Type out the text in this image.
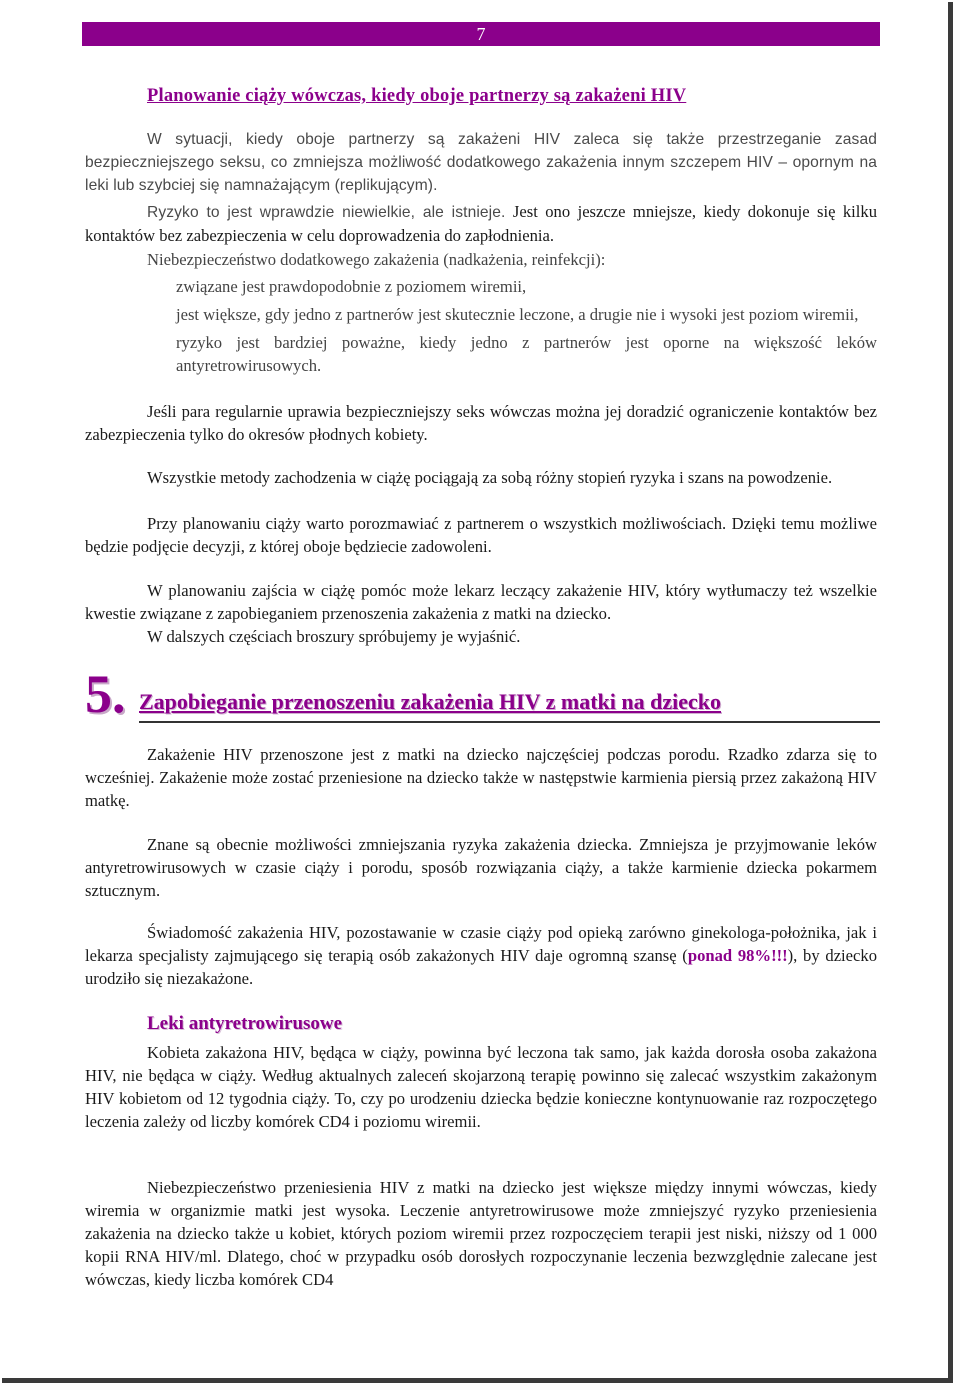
7
Planowanie ciąży wówczas, kiedy oboje partnerzy są zakażeni HIV

W sytuacji, kiedy oboje partnerzy są zakażeni HIV zaleca się także przestrzeganie zasad bezpieczniejszego seksu, co zmniejsza możliwość dodatkowego zakażenia innym szczepem HIV – opornym na leki lub szybciej się namnażającym (replikującym).

Ryzyko to jest wprawdzie niewielkie, ale istnieje. Jest ono jeszcze mniejsze, kiedy dokonuje się kilku kontaktów bez zabezpieczenia w celu doprowadzenia do zapłodnienia.

Niebezpieczeństwo dodatkowego zakażenia (nadkażenia, reinfekcji):

związane jest prawdopodobnie z poziomem wiremii,
jest większe, gdy jedno z partnerów jest skutecznie leczone, a drugie nie i wysoki jest poziom wiremii,
ryzyko jest bardziej poważne, kiedy jedno z partnerów jest oporne na większość leków antyretrowirusowych.

Jeśli para regularnie uprawia bezpieczniejszy seks wówczas można jej doradzić ograniczenie kontaktów bez zabezpieczenia tylko do okresów płodnych kobiety.

Wszystkie metody zachodzenia w ciążę pociągają za sobą różny stopień ryzyka i szans na powodzenie.

Przy planowaniu ciąży warto porozmawiać z partnerem o wszystkich możliwościach. Dzięki temu możliwe będzie podjęcie decyzji, z której oboje będziecie zadowoleni.

W planowaniu zajścia w ciążę pomóc może lekarz leczący zakażenie HIV, który wytłumaczy też wszelkie kwestie związane z zapobieganiem przenoszenia zakażenia z matki na dziecko.

W dalszych częściach broszury spróbujemy je wyjaśnić.

5. Zapobieganie przenoszeniu zakażenia HIV z matki na dziecko

Zakażenie HIV przenoszone jest z matki na dziecko najczęściej podczas porodu. Rzadko zdarza się to wcześniej. Zakażenie może zostać przeniesione na dziecko także w następstwie karmienia piersią przez zakażoną HIV matkę.

Znane są obecnie możliwości zmniejszania ryzyka zakażenia dziecka. Zmniejsza je przyjmowanie leków antyretrowirusowych w czasie ciąży i porodu, sposób rozwiązania ciąży, a także karmienie dziecka pokarmem sztucznym.

Świadomość zakażenia HIV, pozostawanie w czasie ciąży pod opieką zarówno ginekologa-położnika, jak i lekarza specjalisty zajmującego się terapią osób zakażonych HIV daje ogromną szansę (ponad 98%!!!), by dziecko urodziło się niezakażone.

Leki antyretrowirusowe

Kobieta zakażona HIV, będąca w ciąży, powinna być leczona tak samo, jak każda dorosła osoba zakażona HIV, nie będąca w ciąży. Według aktualnych zaleceń skojarzoną terapię powinno się zalecać wszystkim zakażonym HIV kobietom od 12 tygodnia ciąży. To, czy po urodzeniu dziecka będzie konieczne kontynuowanie raz rozpoczętego leczenia zależy od liczby komórek CD4 i poziomu wiremii.

Niebezpieczeństwo przeniesienia HIV z matki na dziecko jest większe między innymi wówczas, kiedy wiremia w organizmie matki jest wysoka. Leczenie antyretrowirusowe może zmniejszyć ryzyko przeniesienia zakażenia na dziecko także u kobiet, których poziom wiremii przez rozpoczęciem terapii jest niski, niższy od 1 000 kopii RNA HIV/ml. Dlatego, choć w przypadku osób dorosłych rozpoczynanie leczenia bezwzględnie zalecane jest wówczas, kiedy liczba komórek CD4
